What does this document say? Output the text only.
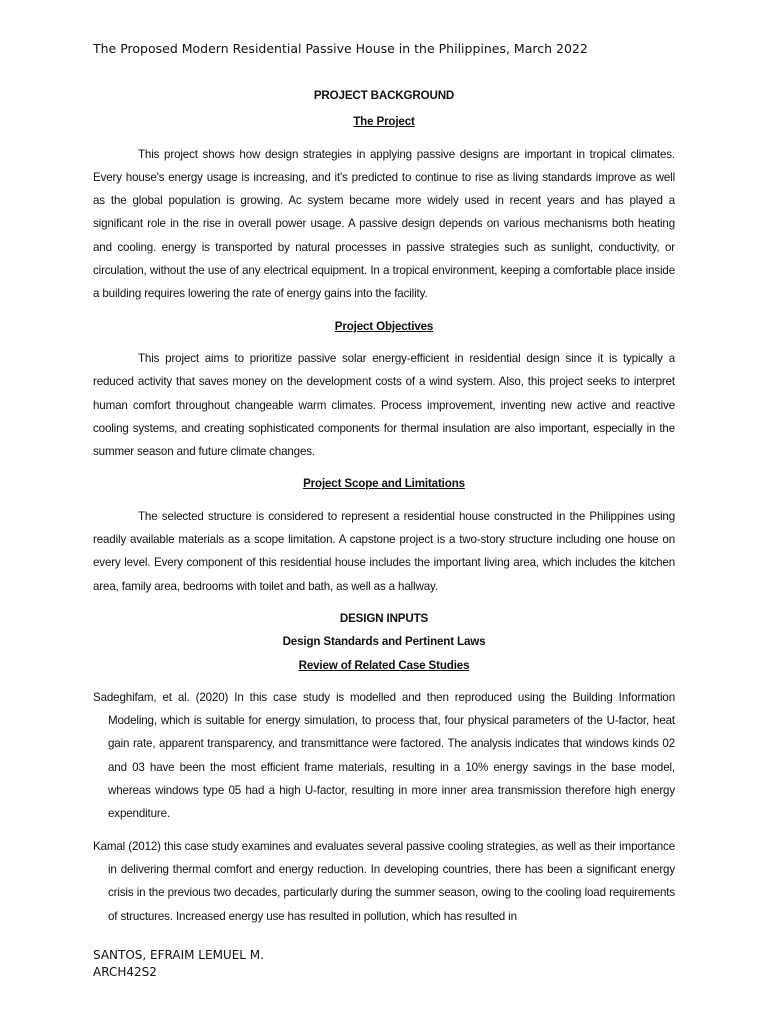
The Proposed Modern Residential Passive House in the Philippines, March 2022
PROJECT BACKGROUND
The Project

This project shows how design strategies in applying passive designs are important in tropical climates. Every house's energy usage is increasing, and it's predicted to continue to rise as living standards improve as well as the global population is growing. Ac system became more widely used in recent years and has played a significant role in the rise in overall power usage. A passive design depends on various mechanisms both heating and cooling. energy is transported by natural processes in passive strategies such as sunlight, conductivity, or circulation, without the use of any electrical equipment. In a tropical environment, keeping a comfortable place inside a building requires lowering the rate of energy gains into the facility.

Project Objectives

This project aims to prioritize passive solar energy-efficient in residential design since it is typically a reduced activity that saves money on the development costs of a wind system. Also, this project seeks to interpret human comfort throughout changeable warm climates. Process improvement, inventing new active and reactive cooling systems, and creating sophisticated components for thermal insulation are also important, especially in the summer season and future climate changes.

Project Scope and Limitations

The selected structure is considered to represent a residential house constructed in the Philippines using readily available materials as a scope limitation. A capstone project is a two-story structure including one house on every level. Every component of this residential house includes the important living area, which includes the kitchen area, family area, bedrooms with toilet and bath, as well as a hallway.

DESIGN INPUTS
Design Standards and Pertinent Laws
Review of Related Case Studies

Sadeghifam, et al. (2020) In this case study is modelled and then reproduced using the Building Information Modeling, which is suitable for energy simulation, to process that, four physical parameters of the U-factor, heat gain rate, apparent transparency, and transmittance were factored. The analysis indicates that windows kinds 02 and 03 have been the most efficient frame materials, resulting in a 10% energy savings in the base model, whereas windows type 05 had a high U-factor, resulting in more inner area transmission therefore high energy expenditure.

Kamal (2012) this case study examines and evaluates several passive cooling strategies, as well as their importance in delivering thermal comfort and energy reduction. In developing countries, there has been a significant energy crisis in the previous two decades, particularly during the summer season, owing to the cooling load requirements of structures. Increased energy use has resulted in pollution, which has resulted in

SANTOS, EFRAIM LEMUEL M.
ARCH42S2
